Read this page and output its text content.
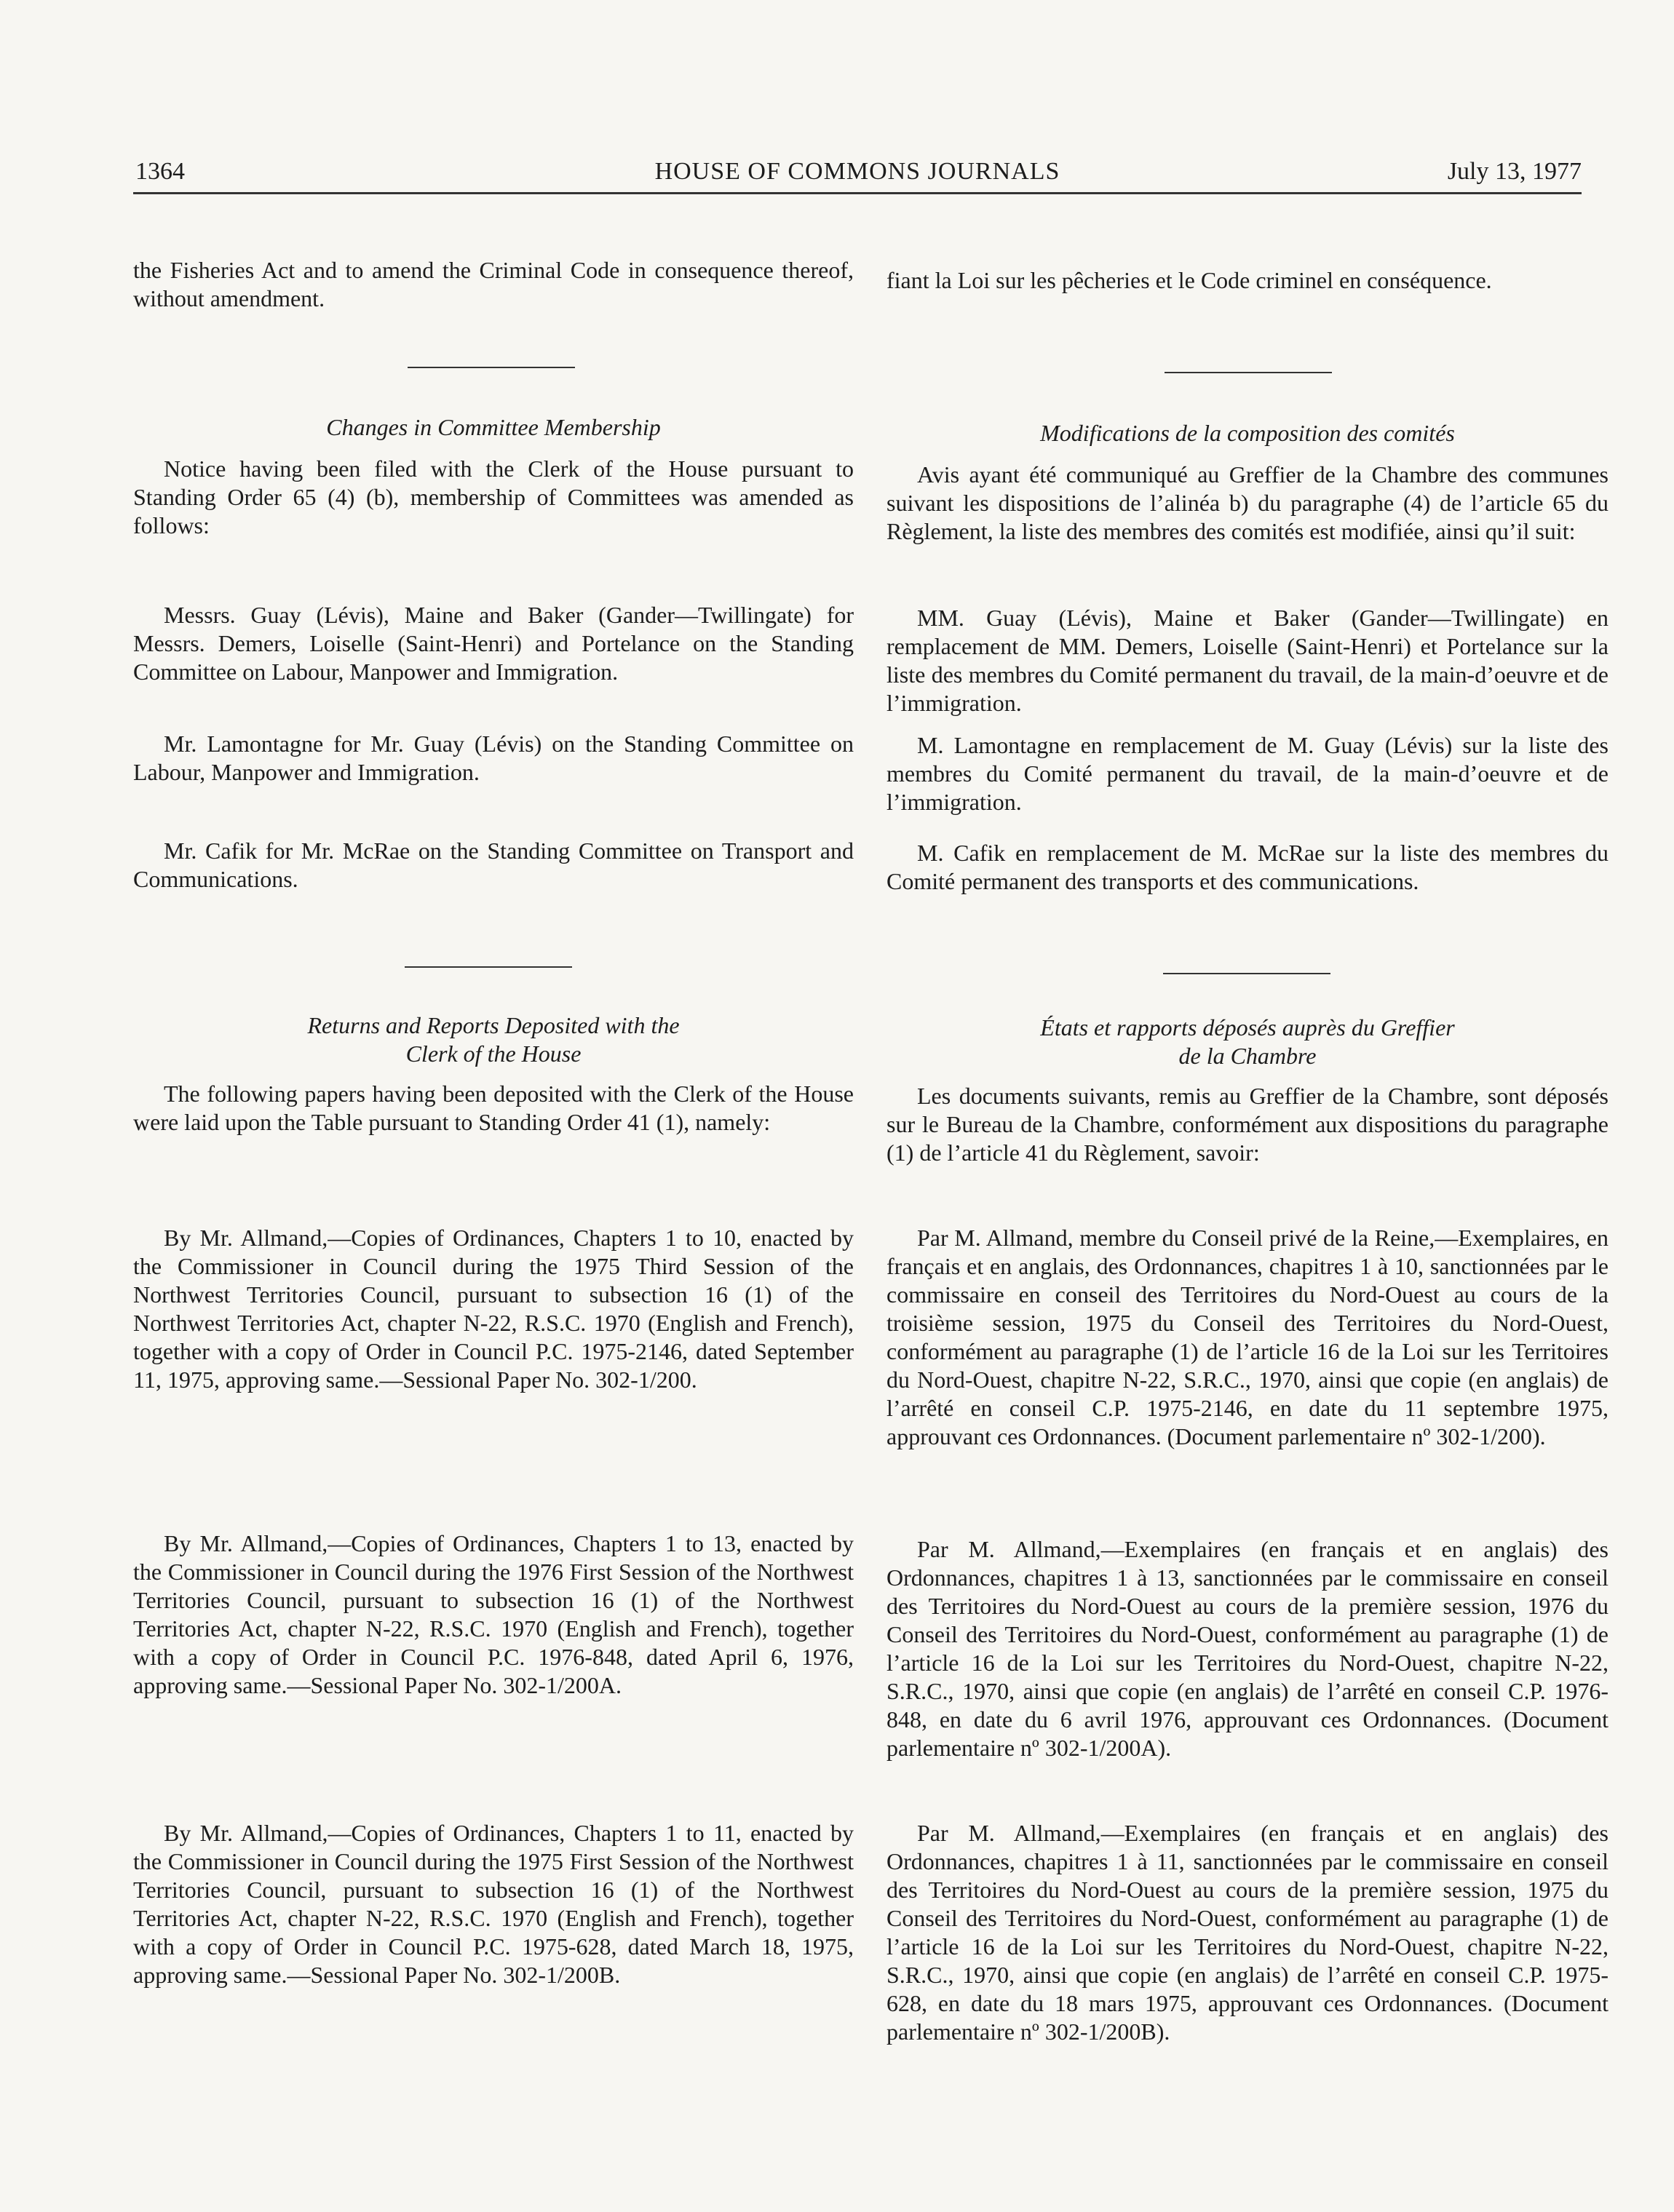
1364	HOUSE OF COMMONS JOURNALS	July 13, 1977

the Fisheries Act and to amend the Criminal Code in consequence thereof, without amendment.

Changes in Committee Membership

Notice having been filed with the Clerk of the House pursuant to Standing Order 65 (4) (b), membership of Committees was amended as follows:

Messrs. Guay (Lévis), Maine and Baker (Gander—Twillingate) for Messrs. Demers, Loiselle (Saint-Henri) and Portelance on the Standing Committee on Labour, Manpower and Immigration.

Mr. Lamontagne for Mr. Guay (Lévis) on the Standing Committee on Labour, Manpower and Immigration.

Mr. Cafik for Mr. McRae on the Standing Committee on Transport and Communications.

Returns and Reports Deposited with the
Clerk of the House

The following papers having been deposited with the Clerk of the House were laid upon the Table pursuant to Standing Order 41 (1), namely:

By Mr. Allmand,—Copies of Ordinances, Chapters 1 to 10, enacted by the Commissioner in Council during the 1975 Third Session of the Northwest Territories Council, pursuant to subsection 16 (1) of the Northwest Territories Act, chapter N-22, R.S.C. 1970 (English and French), together with a copy of Order in Council P.C. 1975-2146, dated September 11, 1975, approving same.—Sessional Paper No. 302-1/200.

By Mr. Allmand,—Copies of Ordinances, Chapters 1 to 13, enacted by the Commissioner in Council during the 1976 First Session of the Northwest Territories Council, pursuant to subsection 16 (1) of the Northwest Territories Act, chapter N-22, R.S.C. 1970 (English and French), together with a copy of Order in Council P.C. 1976-848, dated April 6, 1976, approving same.—Sessional Paper No. 302-1/200A.

By Mr. Allmand,—Copies of Ordinances, Chapters 1 to 11, enacted by the Commissioner in Council during the 1975 First Session of the Northwest Territories Council, pursuant to subsection 16 (1) of the Northwest Territories Act, chapter N-22, R.S.C. 1970 (English and French), together with a copy of Order in Council P.C. 1975-628, dated March 18, 1975, approving same.—Sessional Paper No. 302-1/200B.

fiant la Loi sur les pêcheries et le Code criminel en conséquence.

Modifications de la composition des comités

Avis ayant été communiqué au Greffier de la Chambre des communes suivant les dispositions de l’alinéa b) du paragraphe (4) de l’article 65 du Règlement, la liste des membres des comités est modifiée, ainsi qu’il suit:

MM. Guay (Lévis), Maine et Baker (Gander—Twillingate) en remplacement de MM. Demers, Loiselle (Saint-Henri) et Portelance sur la liste des membres du Comité permanent du travail, de la main-d’oeuvre et de l’immigration.

M. Lamontagne en remplacement de M. Guay (Lévis) sur la liste des membres du Comité permanent du travail, de la main-d’oeuvre et de l’immigration.

M. Cafik en remplacement de M. McRae sur la liste des membres du Comité permanent des transports et des communications.

États et rapports déposés auprès du Greffier
de la Chambre

Les documents suivants, remis au Greffier de la Chambre, sont déposés sur le Bureau de la Chambre, conformément aux dispositions du paragraphe (1) de l’article 41 du Règlement, savoir:

Par M. Allmand, membre du Conseil privé de la Reine,—Exemplaires, en français et en anglais, des Ordonnances, chapitres 1 à 10, sanctionnées par le commissaire en conseil des Territoires du Nord-Ouest au cours de la troisième session, 1975 du Conseil des Territoires du Nord-Ouest, conformément au paragraphe (1) de l’article 16 de la Loi sur les Territoires du Nord-Ouest, chapitre N-22, S.R.C., 1970, ainsi que copie (en anglais) de l’arrêté en conseil C.P. 1975-2146, en date du 11 septembre 1975, approuvant ces Ordonnances. (Document parlementaire nº 302-1/200).

Par M. Allmand,—Exemplaires (en français et en anglais) des Ordonnances, chapitres 1 à 13, sanctionnées par le commissaire en conseil des Territoires du Nord-Ouest au cours de la première session, 1976 du Conseil des Territoires du Nord-Ouest, conformément au paragraphe (1) de l’article 16 de la Loi sur les Territoires du Nord-Ouest, chapitre N-22, S.R.C., 1970, ainsi que copie (en anglais) de l’arrêté en conseil C.P. 1976-848, en date du 6 avril 1976, approuvant ces Ordonnances. (Document parlementaire nº 302-1/200A).

Par M. Allmand,—Exemplaires (en français et en anglais) des Ordonnances, chapitres 1 à 11, sanctionnées par le commissaire en conseil des Territoires du Nord-Ouest au cours de la première session, 1975 du Conseil des Territoires du Nord-Ouest, conformément au paragraphe (1) de l’article 16 de la Loi sur les Territoires du Nord-Ouest, chapitre N-22, S.R.C., 1970, ainsi que copie (en anglais) de l’arrêté en conseil C.P. 1975-628, en date du 18 mars 1975, approuvant ces Ordonnances. (Document parlementaire nº 302-1/200B).
